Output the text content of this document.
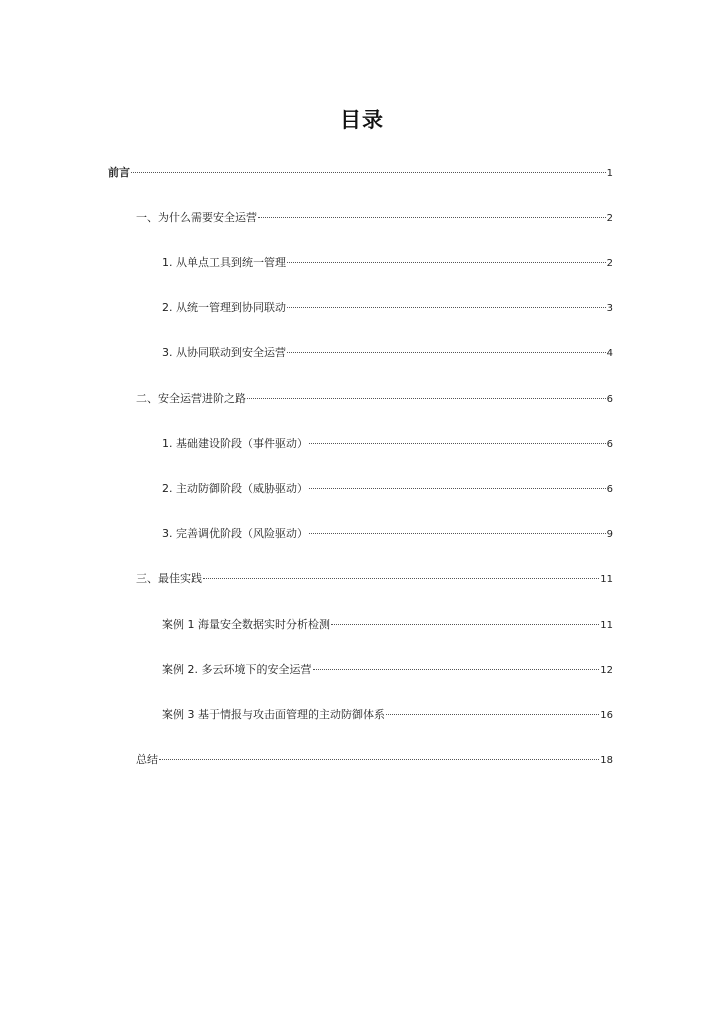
目录
前言	1
一、为什么需要安全运营	2
1. 从单点工具到统一管理	2
2. 从统一管理到协同联动	3
3. 从协同联动到安全运营	4
二、安全运营进阶之路	6
1. 基础建设阶段（事件驱动）	6
2. 主动防御阶段（威胁驱动）	6
3. 完善调优阶段（风险驱动）	9
三、最佳实践	11
案例 1 海量安全数据实时分析检测	11
案例 2. 多云环境下的安全运营	12
案例 3 基于情报与攻击面管理的主动防御体系	16
总结	18
